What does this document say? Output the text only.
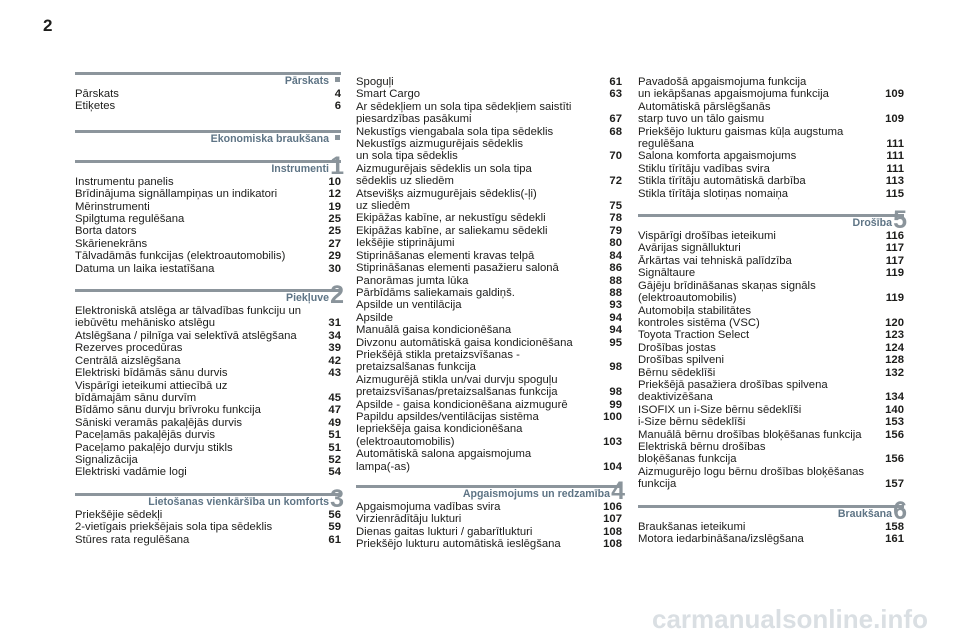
2
Pārskats
Pārskats	4
Etiķetes	6
Ekonomiska braukšana
Instrumenti 1
Instrumentu panelis	10
Brīdinājuma signāllampiņas un indikatori	12
Mērinstrumenti	19
Spilgtuma regulēšana	25
Borta dators	25
Skārienekrāns	27
Tālvadāmās funkcijas (elektroautomobilis)	29
Datuma un laika iestatīšana	30
Piekļuve 2
Elektroniskā atslēga ar tālvadības funkciju un
iebūvētu mehānisko atslēgu	31
Atslēgšana / pilnīga vai selektīvā atslēgšana	34
Rezerves procedūras	39
Centrālā aizslēgšana	42
Elektriski bīdāmās sānu durvis	43
Vispārīgi ieteikumi attiecībā uz
bīdāmajām sānu durvīm	45
Bīdāmo sānu durvju brīvroku funkcija	47
Sāniski veramās pakaļējās durvis	49
Paceļamās pakaļējās durvis	51
Paceļamo pakaļējo durvju stikls	51
Signalizācija	52
Elektriski vadāmie logi	54
Lietošanas vienkāršība un komforts 3
Priekšējie sēdekļi	56
2-vietīgais priekšējais sola tipa sēdeklis	59
Stūres rata regulēšana	61
Spoguļi	61
Smart Cargo	63
Ar sēdekļiem un sola tipa sēdekļiem saistīti
piesardzības pasākumi	67
Nekustīgs viengabala sola tipa sēdeklis	68
Nekustīgs aizmugurējais sēdeklis
un sola tipa sēdeklis	70
Aizmugurējais sēdeklis un sola tipa
sēdeklis uz sliedēm	72
Atsevišķs aizmugurējais sēdeklis(-ļi)
uz sliedēm	75
Ekipāžas kabīne, ar nekustīgu sēdekli	78
Ekipāžas kabīne, ar saliekamu sēdekli	79
Iekšējie stiprinājumi	80
Stiprināšanas elementi kravas telpā	84
Stiprināšanas elementi pasažieru salonā	86
Panorāmas jumta lūka	88
Pārbīdāms saliekamais galdiņš.	88
Apsilde un ventilācija	93
Apsilde	94
Manuālā gaisa kondicionēšana	94
Divzonu automātiskā gaisa kondicionēšana	95
Priekšējā stikla pretaizsvīšanas -
pretaizsalšanas funkcija	98
Aizmugurējā stikla un/vai durvju spoguļu
pretaizsvīšanas/pretaizsalšanas funkcija	98
Apsilde - gaisa kondicionēšana aizmugurē	99
Papildu apsildes/ventilācijas sistēma	100
Iepriekšēja gaisa kondicionēšana
(elektroautomobilis)	103
Automātiskā salona apgaismojuma
lampa(-as)	104
Apgaismojums un redzamība 4
Apgaismojuma vadības svira	106
Virzienrādītāju lukturi	107
Dienas gaitas lukturi / gabarītlukturi	108
Priekšējo lukturu automātiskā ieslēgšana	108
Pavadošā apgaismojuma funkcija
un iekāpšanas apgaismojuma funkcija	109
Automātiskā pārslēgšanās
starp tuvo un tālo gaismu	109
Priekšējo lukturu gaismas kūļa augstuma
regulēšana	111
Salona komforta apgaismojums	111
Stiklu tīrītāju vadības svira	111
Stikla tīrītāju automātiskā darbība	113
Stikla tīrītāja slotiņas nomaiņa	115
Drošība 5
Vispārīgi drošības ieteikumi	116
Avārijas signāllukturi	117
Ārkārtas vai tehniskā palīdzība	117
Signāltaure	119
Gājēju brīdināšanas skaņas signāls
(elektroautomobilis)	119
Automobiļa stabilitātes
kontroles sistēma (VSC)	120
Toyota Traction Select	123
Drošības jostas	124
Drošības spilveni	128
Bērnu sēdeklīši	132
Priekšējā pasažiera drošības spilvena
deaktivizēšana	134
ISOFIX un i-Size bērnu sēdeklīši	140
i-Size bērnu sēdeklīši	153
Manuālā bērnu drošības bloķēšanas funkcija	156
Elektriskā bērnu drošības
bloķēšanas funkcija	156
Aizmugurējo logu bērnu drošības bloķēšanas
funkcija	157
Braukšana 6
Braukšanas ieteikumi	158
Motora iedarbināšana/izslēgšana	161
carmanualsonline.info
